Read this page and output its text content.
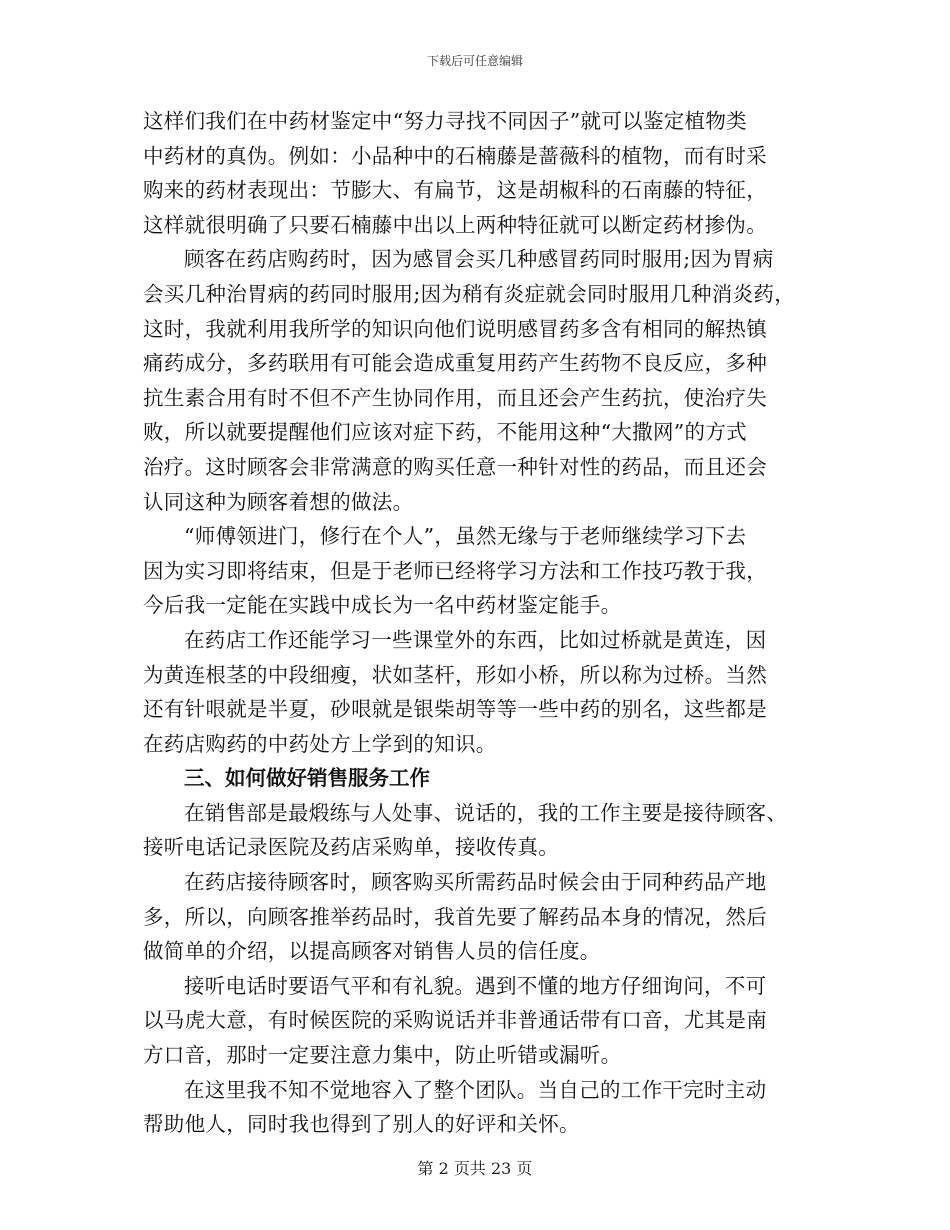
下载后可任意编辑

这样们我们在中药材鉴定中“努力寻找不同因子”就可以鉴定植物类
中药材的真伪。例如：小品种中的石楠藤是蔷薇科的植物，而有时采
购来的药材表现出：节膨大、有扁节，这是胡椒科的石南藤的特征，
这样就很明确了只要石楠藤中出以上两种特征就可以断定药材掺伪。

顾客在药店购药时，因为感冒会买几种感冒药同时服用;因为胃病
会买几种治胃病的药同时服用;因为稍有炎症就会同时服用几种消炎药，
这时，我就利用我所学的知识向他们说明感冒药多含有相同的解热镇
痛药成分，多药联用有可能会造成重复用药产生药物不良反应，多种
抗生素合用有时不但不产生协同作用，而且还会产生药抗，使治疗失
败，所以就要提醒他们应该对症下药，不能用这种“大撒网”的方式
治疗。这时顾客会非常满意的购买任意一种针对性的药品，而且还会
认同这种为顾客着想的做法。

“师傅领进门，修行在个人”，虽然无缘与于老师继续学习下去
因为实习即将结束，但是于老师已经将学习方法和工作技巧教于我，
今后我一定能在实践中成长为一名中药材鉴定能手。

在药店工作还能学习一些课堂外的东西，比如过桥就是黄连，因
为黄连根茎的中段细瘦，状如茎杆，形如小桥，所以称为过桥。当然
还有针哏就是半夏，砂哏就是银柴胡等等一些中药的别名，这些都是
在药店购药的中药处方上学到的知识。

三、如何做好销售服务工作

在销售部是最煅练与人处事、说话的，我的工作主要是接待顾客、
接听电话记录医院及药店采购单，接收传真。

在药店接待顾客时，顾客购买所需药品时候会由于同种药品产地
多，所以，向顾客推举药品时，我首先要了解药品本身的情况，然后
做简单的介绍，以提高顾客对销售人员的信任度。

接听电话时要语气平和有礼貌。遇到不懂的地方仔细询问，不可
以马虎大意，有时候医院的采购说话并非普通话带有口音，尤其是南
方口音，那时一定要注意力集中，防止听错或漏听。

在这里我不知不觉地容入了整个团队。当自己的工作干完时主动
帮助他人，同时我也得到了别人的好评和关怀。

第 2 页共 23 页
